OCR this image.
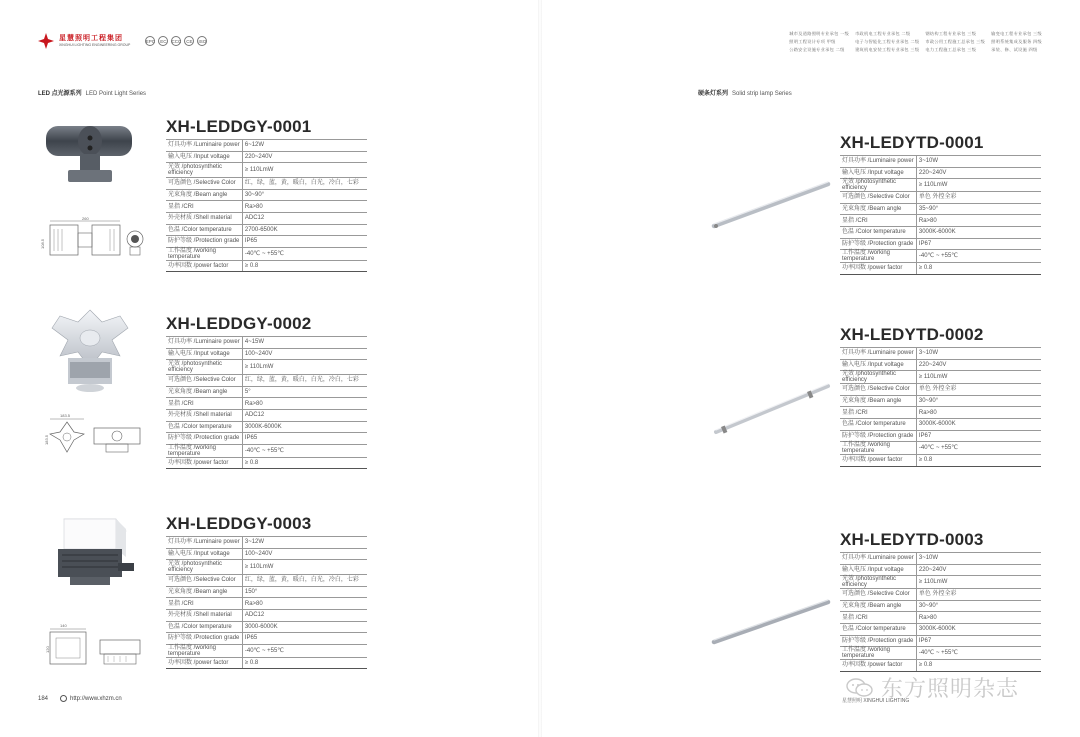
星慧照明工程集团
XINGHUI LIGHTING ENGINEERING GROUP
EPC	EC	CCC	CE	ISO
城市及道路照明专业承包 一级
照明工程设计专项 甲级
公路安全设施专业承包 二级
市政机电工程专业承包 二级
电子与智能化工程专业承包 二级
建筑机电安装工程专业承包 三级
钢结构工程专业承包 三级
市政公用工程施工总承包 三级
电力工程施工总承包 三级
输变电工程专业承包 三级
照明系统集成及服务 四级
承装、修、试设施 四级
LED 点光源系列 LED Point Light Series	硬条灯系列 Solid strip lamp Series
XH-LEDDGY-0001
灯具功率 /Luminaire power	6~12W
输入电压 /Input voltage	220~240V
光效 /photosynthetic efficiency	≥ 110LmW
可选颜色 /Selective Color	红，绿，蓝，黄，暖白，白光，冷白，七彩
光束角度 /Beam angle	30~90°
显指 /CRI	Ra>80
外壳材质 /Shell material	ADC12
色温 /Color temperature	2700-6500K
防护等级 /Protection grade	IP65
工作温度 /working temperature	-40℃ ~ +55℃
功率因数 /power factor	≥ 0.8
XH-LEDDGY-0002
灯具功率 /Luminaire power	4~15W
输入电压 /Input voltage	100~240V
光效 /photosynthetic efficiency	≥ 110LmW
可选颜色 /Selective Color	红，绿，蓝，黄，暖白，白光，冷白，七彩
光束角度 /Beam angle	5°
显指 /CRI	Ra>80
外壳材质 /Shell material	ADC12
色温 /Color temperature	3000K-6000K
防护等级 /Protection grade	IP65
工作温度 /working temperature	-40℃ ~ +55℃
功率因数 /power factor	≥ 0.8
XH-LEDDGY-0003
灯具功率 /Luminaire power	3~12W
输入电压 /Input voltage	100~240V
光效 /photosynthetic efficiency	≥ 110LmW
可选颜色 /Selective Color	红，绿，蓝，黄，暖白，白光，冷白，七彩
光束角度 /Beam angle	150°
显指 /CRI	Ra>80
外壳材质 /Shell material	ADC12
色温 /Color temperature	3000-6000K
防护等级 /Protection grade	IP65
工作温度 /working temperature	-40℃ ~ +55℃
功率因数 /power factor	≥ 0.8
XH-LEDYTD-0001
灯具功率 /Luminaire power	3~10W
输入电压 /Input voltage	220~240V
光效 /photosynthetic efficiency	≥ 110LmW
可选颜色 /Selective Color	单色 外控全彩
光束角度 /Beam angle	35~90°
显指 /CRI	Ra>80
色温 /Color temperature	3000K-6000K
防护等级 /Protection grade	IP67
工作温度 /working temperature	-40℃ ~ +55℃
功率因数 /power factor	≥ 0.8
XH-LEDYTD-0002
灯具功率 /Luminaire power	3~10W
输入电压 /Input voltage	220~240V
光效 /photosynthetic efficiency	≥ 110LmW
可选颜色 /Selective Color	单色 外控全彩
光束角度 /Beam angle	30~90°
显指 /CRI	Ra>80
色温 /Color temperature	3000K-6000K
防护等级 /Protection grade	IP67
工作温度 /working temperature	-40℃ ~ +55℃
功率因数 /power factor	≥ 0.8
XH-LEDYTD-0003
灯具功率 /Luminaire power	3~10W
输入电压 /Input voltage	220~240V
光效 /photosynthetic efficiency	≥ 110LmW
可选颜色 /Selective Color	单色 外控全彩
光束角度 /Beam angle	30~90°
显指 /CRI	Ra>80
色温 /Color temperature	3000K-6000K
防护等级 /Protection grade	IP67
工作温度 /working temperature	-40℃ ~ +55℃
功率因数 /power factor	≥ 0.8
260
108.5
183.5
183.5
140
120
184	http://www.xhzm.cn	星慧照明 XINGHUI LIGHTING
东方照明杂志
